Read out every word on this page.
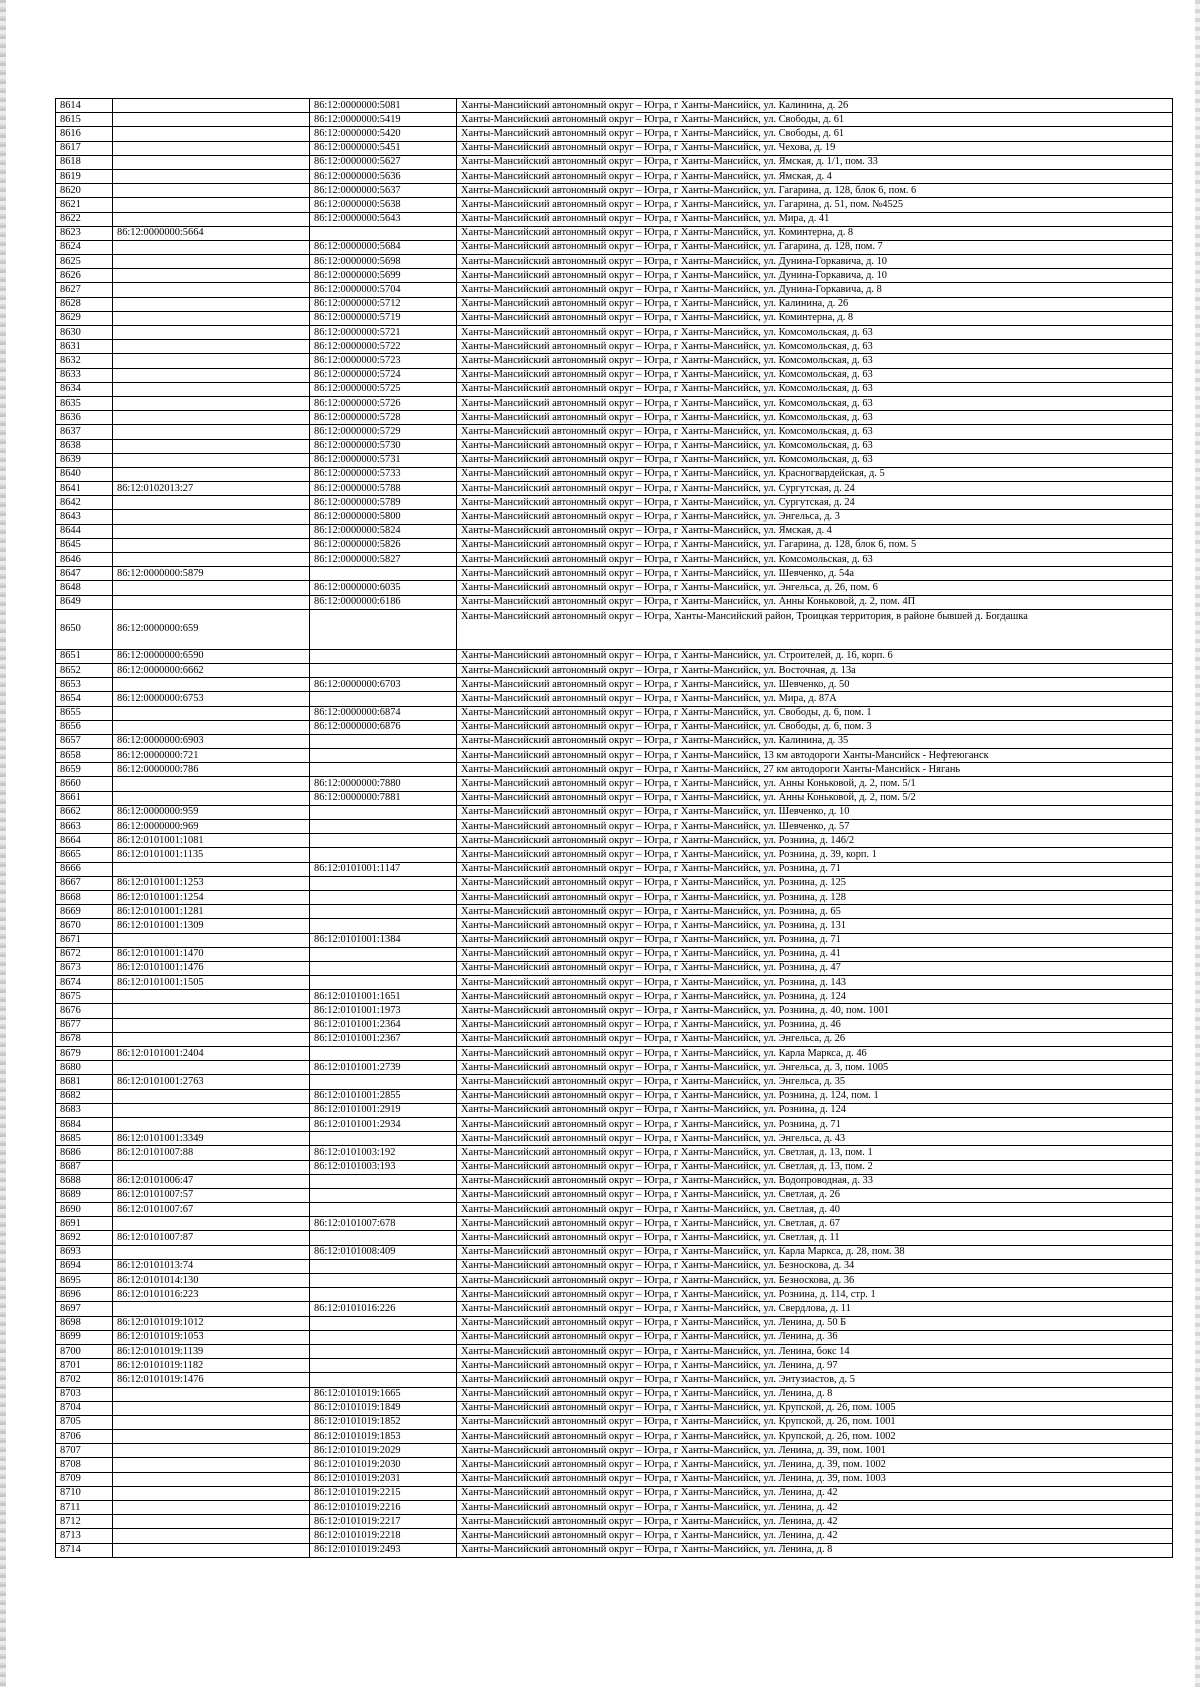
8614		86:12:0000000:5081	Ханты-Мансийский автономный округ – Югра, г Ханты-Мансийск, ул. Калинина, д. 26
8615		86:12:0000000:5419	Ханты-Мансийский автономный округ – Югра, г Ханты-Мансийск, ул. Свободы, д. 61
8616		86:12:0000000:5420	Ханты-Мансийский автономный округ – Югра, г Ханты-Мансийск, ул. Свободы, д. 61
8617		86:12:0000000:5451	Ханты-Мансийский автономный округ – Югра, г Ханты-Мансийск, ул. Чехова, д. 19
8618		86:12:0000000:5627	Ханты-Мансийский автономный округ – Югра, г Ханты-Мансийск, ул. Ямская, д. 1/1, пом. 33
8619		86:12:0000000:5636	Ханты-Мансийский автономный округ – Югра, г Ханты-Мансийск, ул. Ямская, д. 4
8620		86:12:0000000:5637	Ханты-Мансийский автономный округ – Югра, г Ханты-Мансийск, ул. Гагарина, д. 128, блок 6, пом. 6
8621		86:12:0000000:5638	Ханты-Мансийский автономный округ – Югра, г Ханты-Мансийск, ул. Гагарина, д. 51, пом. №4525
8622		86:12:0000000:5643	Ханты-Мансийский автономный округ – Югра, г Ханты-Мансийск, ул. Мира, д. 41
8623	86:12:0000000:5664		Ханты-Мансийский автономный округ – Югра, г Ханты-Мансийск, ул. Коминтерна, д. 8
8624		86:12:0000000:5684	Ханты-Мансийский автономный округ – Югра, г Ханты-Мансийск, ул. Гагарина, д. 128, пом. 7
8625		86:12:0000000:5698	Ханты-Мансийский автономный округ – Югра, г Ханты-Мансийск, ул. Дунина-Горкавича, д. 10
8626		86:12:0000000:5699	Ханты-Мансийский автономный округ – Югра, г Ханты-Мансийск, ул. Дунина-Горкавича, д. 10
8627		86:12:0000000:5704	Ханты-Мансийский автономный округ – Югра, г Ханты-Мансийск, ул. Дунина-Горкавича, д. 8
8628		86:12:0000000:5712	Ханты-Мансийский автономный округ – Югра, г Ханты-Мансийск, ул. Калинина, д. 26
8629		86:12:0000000:5719	Ханты-Мансийский автономный округ – Югра, г Ханты-Мансийск, ул. Коминтерна, д. 8
8630		86:12:0000000:5721	Ханты-Мансийский автономный округ – Югра, г Ханты-Мансийск, ул. Комсомольская, д. 63
8631		86:12:0000000:5722	Ханты-Мансийский автономный округ – Югра, г Ханты-Мансийск, ул. Комсомольская, д. 63
8632		86:12:0000000:5723	Ханты-Мансийский автономный округ – Югра, г Ханты-Мансийск, ул. Комсомольская, д. 63
8633		86:12:0000000:5724	Ханты-Мансийский автономный округ – Югра, г Ханты-Мансийск, ул. Комсомольская, д. 63
8634		86:12:0000000:5725	Ханты-Мансийский автономный округ – Югра, г Ханты-Мансийск, ул. Комсомольская, д. 63
8635		86:12:0000000:5726	Ханты-Мансийский автономный округ – Югра, г Ханты-Мансийск, ул. Комсомольская, д. 63
8636		86:12:0000000:5728	Ханты-Мансийский автономный округ – Югра, г Ханты-Мансийск, ул. Комсомольская, д. 63
8637		86:12:0000000:5729	Ханты-Мансийский автономный округ – Югра, г Ханты-Мансийск, ул. Комсомольская, д. 63
8638		86:12:0000000:5730	Ханты-Мансийский автономный округ – Югра, г Ханты-Мансийск, ул. Комсомольская, д. 63
8639		86:12:0000000:5731	Ханты-Мансийский автономный округ – Югра, г Ханты-Мансийск, ул. Комсомольская, д. 63
8640		86:12:0000000:5733	Ханты-Мансийский автономный округ – Югра, г Ханты-Мансийск, ул. Красногвардейская, д. 5
8641	86:12:0102013:27	86:12:0000000:5788	Ханты-Мансийский автономный округ – Югра, г Ханты-Мансийск, ул. Сургутская, д. 24
8642		86:12:0000000:5789	Ханты-Мансийский автономный округ – Югра, г Ханты-Мансийск, ул. Сургутская, д. 24
8643		86:12:0000000:5800	Ханты-Мансийский автономный округ – Югра, г Ханты-Мансийск, ул. Энгельса, д. 3
8644		86:12:0000000:5824	Ханты-Мансийский автономный округ – Югра, г Ханты-Мансийск, ул. Ямская, д. 4
8645		86:12:0000000:5826	Ханты-Мансийский автономный округ – Югра, г Ханты-Мансийск, ул. Гагарина, д. 128, блок 6, пом. 5
8646		86:12:0000000:5827	Ханты-Мансийский автономный округ – Югра, г Ханты-Мансийск, ул. Комсомольская, д. 63
8647	86:12:0000000:5879		Ханты-Мансийский автономный округ – Югра, г Ханты-Мансийск, ул. Шевченко, д. 54а
8648		86:12:0000000:6035	Ханты-Мансийский автономный округ – Югра, г Ханты-Мансийск, ул. Энгельса, д. 26, пом. 6
8649		86:12:0000000:6186	Ханты-Мансийский автономный округ – Югра, г Ханты-Мансийск, ул. Анны Коньковой, д. 2, пом. 4П
8650	86:12:0000000:659		Ханты-Мансийский автономный округ – Югра, Ханты-Мансийский район, Троицкая территория, в районе бывшей д. Богдашка
8651	86:12:0000000:6590		Ханты-Мансийский автономный округ – Югра, г Ханты-Мансийск, ул. Строителей, д. 16, корп. 6
8652	86:12:0000000:6662		Ханты-Мансийский автономный округ – Югра, г Ханты-Мансийск, ул. Восточная, д. 13а
8653		86:12:0000000:6703	Ханты-Мансийский автономный округ – Югра, г Ханты-Мансийск, ул. Шевченко, д. 50
8654	86:12:0000000:6753		Ханты-Мансийский автономный округ – Югра, г Ханты-Мансийск, ул. Мира, д. 87А
8655		86:12:0000000:6874	Ханты-Мансийский автономный округ – Югра, г Ханты-Мансийск, ул. Свободы, д. 6, пом. 1
8656		86:12:0000000:6876	Ханты-Мансийский автономный округ – Югра, г Ханты-Мансийск, ул. Свободы, д. 6, пом. 3
8657	86:12:0000000:6903		Ханты-Мансийский автономный округ – Югра, г Ханты-Мансийск, ул. Калинина, д. 35
8658	86:12:0000000:721		Ханты-Мансийский автономный округ – Югра, г Ханты-Мансийск, 13 км автодороги Ханты-Мансийск - Нефтеюганск
8659	86:12:0000000:786		Ханты-Мансийский автономный округ – Югра, г Ханты-Мансийск, 27 км автодороги Ханты-Мансийск - Нягань
8660		86:12:0000000:7880	Ханты-Мансийский автономный округ – Югра, г Ханты-Мансийск, ул. Анны Коньковой, д. 2, пом. 5/1
8661		86:12:0000000:7881	Ханты-Мансийский автономный округ – Югра, г Ханты-Мансийск, ул. Анны Коньковой, д. 2, пом. 5/2
8662	86:12:0000000:959		Ханты-Мансийский автономный округ – Югра, г Ханты-Мансийск, ул. Шевченко, д. 10
8663	86:12:0000000:969		Ханты-Мансийский автономный округ – Югра, г Ханты-Мансийск, ул. Шевченко, д. 57
8664	86:12:0101001:1081		Ханты-Мансийский автономный округ – Югра, г Ханты-Мансийск, ул. Рознина, д. 146/2
8665	86:12:0101001:1135		Ханты-Мансийский автономный округ – Югра, г Ханты-Мансийск, ул. Рознина, д. 39, корп. 1
8666		86:12:0101001:1147	Ханты-Мансийский автономный округ – Югра, г Ханты-Мансийск, ул. Рознина, д. 71
8667	86:12:0101001:1253		Ханты-Мансийский автономный округ – Югра, г Ханты-Мансийск, ул. Рознина, д. 125
8668	86:12:0101001:1254		Ханты-Мансийский автономный округ – Югра, г Ханты-Мансийск, ул. Рознина, д. 128
8669	86:12:0101001:1281		Ханты-Мансийский автономный округ – Югра, г Ханты-Мансийск, ул. Рознина, д. 65
8670	86:12:0101001:1309		Ханты-Мансийский автономный округ – Югра, г Ханты-Мансийск, ул. Рознина, д. 131
8671		86:12:0101001:1384	Ханты-Мансийский автономный округ – Югра, г Ханты-Мансийск, ул. Рознина, д. 71
8672	86:12:0101001:1470		Ханты-Мансийский автономный округ – Югра, г Ханты-Мансийск, ул. Рознина, д. 41
8673	86:12:0101001:1476		Ханты-Мансийский автономный округ – Югра, г Ханты-Мансийск, ул. Рознина, д. 47
8674	86:12:0101001:1505		Ханты-Мансийский автономный округ – Югра, г Ханты-Мансийск, ул. Рознина, д. 143
8675		86:12:0101001:1651	Ханты-Мансийский автономный округ – Югра, г Ханты-Мансийск, ул. Рознина, д. 124
8676		86:12:0101001:1973	Ханты-Мансийский автономный округ – Югра, г Ханты-Мансийск, ул. Рознина, д. 40, пом. 1001
8677		86:12:0101001:2364	Ханты-Мансийский автономный округ – Югра, г Ханты-Мансийск, ул. Рознина, д. 46
8678		86:12:0101001:2367	Ханты-Мансийский автономный округ – Югра, г Ханты-Мансийск, ул. Энгельса, д. 26
8679	86:12:0101001:2404		Ханты-Мансийский автономный округ – Югра, г Ханты-Мансийск, ул. Карла Маркса, д. 46
8680		86:12:0101001:2739	Ханты-Мансийский автономный округ – Югра, г Ханты-Мансийск, ул. Энгельса, д. 3, пом. 1005
8681	86:12:0101001:2763		Ханты-Мансийский автономный округ – Югра, г Ханты-Мансийск, ул. Энгельса, д. 35
8682		86:12:0101001:2855	Ханты-Мансийский автономный округ – Югра, г Ханты-Мансийск, ул. Рознина, д. 124, пом. 1
8683		86:12:0101001:2919	Ханты-Мансийский автономный округ – Югра, г Ханты-Мансийск, ул. Рознина, д. 124
8684		86:12:0101001:2934	Ханты-Мансийский автономный округ – Югра, г Ханты-Мансийск, ул. Рознина, д. 71
8685	86:12:0101001:3349		Ханты-Мансийский автономный округ – Югра, г Ханты-Мансийск, ул. Энгельса, д. 43
8686	86:12:0101007:88	86:12:0101003:192	Ханты-Мансийский автономный округ – Югра, г Ханты-Мансийск, ул. Светлая, д. 13, пом. 1
8687		86:12:0101003:193	Ханты-Мансийский автономный округ – Югра, г Ханты-Мансийск, ул. Светлая, д. 13, пом. 2
8688	86:12:0101006:47		Ханты-Мансийский автономный округ – Югра, г Ханты-Мансийск, ул. Водопроводная, д. 33
8689	86:12:0101007:57		Ханты-Мансийский автономный округ – Югра, г Ханты-Мансийск, ул. Светлая, д. 26
8690	86:12:0101007:67		Ханты-Мансийский автономный округ – Югра, г Ханты-Мансийск, ул. Светлая, д. 40
8691		86:12:0101007:678	Ханты-Мансийский автономный округ – Югра, г Ханты-Мансийск, ул. Светлая, д. 67
8692	86:12:0101007:87		Ханты-Мансийский автономный округ – Югра, г Ханты-Мансийск, ул. Светлая, д. 11
8693		86:12:0101008:409	Ханты-Мансийский автономный округ – Югра, г Ханты-Мансийск, ул. Карла Маркса, д. 28, пом. 38
8694	86:12:0101013:74		Ханты-Мансийский автономный округ – Югра, г Ханты-Мансийск, ул. Безноскова, д. 34
8695	86:12:0101014:130		Ханты-Мансийский автономный округ – Югра, г Ханты-Мансийск, ул. Безноскова, д. 36
8696	86:12:0101016:223		Ханты-Мансийский автономный округ – Югра, г Ханты-Мансийск, ул. Рознина, д. 114, стр. 1
8697		86:12:0101016:226	Ханты-Мансийский автономный округ – Югра, г Ханты-Мансийск, ул. Свердлова, д. 11
8698	86:12:0101019:1012		Ханты-Мансийский автономный округ – Югра, г Ханты-Мансийск, ул. Ленина, д. 50 Б
8699	86:12:0101019:1053		Ханты-Мансийский автономный округ – Югра, г Ханты-Мансийск, ул. Ленина, д. 36
8700	86:12:0101019:1139		Ханты-Мансийский автономный округ – Югра, г Ханты-Мансийск, ул. Ленина, бокс 14
8701	86:12:0101019:1182		Ханты-Мансийский автономный округ – Югра, г Ханты-Мансийск, ул. Ленина, д. 97
8702	86:12:0101019:1476		Ханты-Мансийский автономный округ – Югра, г Ханты-Мансийск, ул. Энтузиастов, д. 5
8703		86:12:0101019:1665	Ханты-Мансийский автономный округ – Югра, г Ханты-Мансийск, ул. Ленина, д. 8
8704		86:12:0101019:1849	Ханты-Мансийский автономный округ – Югра, г Ханты-Мансийск, ул. Крупской, д. 26, пом. 1005
8705		86:12:0101019:1852	Ханты-Мансийский автономный округ – Югра, г Ханты-Мансийск, ул. Крупской, д. 26, пом. 1001
8706		86:12:0101019:1853	Ханты-Мансийский автономный округ – Югра, г Ханты-Мансийск, ул. Крупской, д. 26, пом. 1002
8707		86:12:0101019:2029	Ханты-Мансийский автономный округ – Югра, г Ханты-Мансийск, ул. Ленина, д. 39, пом. 1001
8708		86:12:0101019:2030	Ханты-Мансийский автономный округ – Югра, г Ханты-Мансийск, ул. Ленина, д. 39, пом. 1002
8709		86:12:0101019:2031	Ханты-Мансийский автономный округ – Югра, г Ханты-Мансийск, ул. Ленина, д. 39, пом. 1003
8710		86:12:0101019:2215	Ханты-Мансийский автономный округ – Югра, г Ханты-Мансийск, ул. Ленина, д. 42
8711		86:12:0101019:2216	Ханты-Мансийский автономный округ – Югра, г Ханты-Мансийск, ул. Ленина, д. 42
8712		86:12:0101019:2217	Ханты-Мансийский автономный округ – Югра, г Ханты-Мансийск, ул. Ленина, д. 42
8713		86:12:0101019:2218	Ханты-Мансийский автономный округ – Югра, г Ханты-Мансийск, ул. Ленина, д. 42
8714		86:12:0101019:2493	Ханты-Мансийский автономный округ – Югра, г Ханты-Мансийск, ул. Ленина, д. 8
